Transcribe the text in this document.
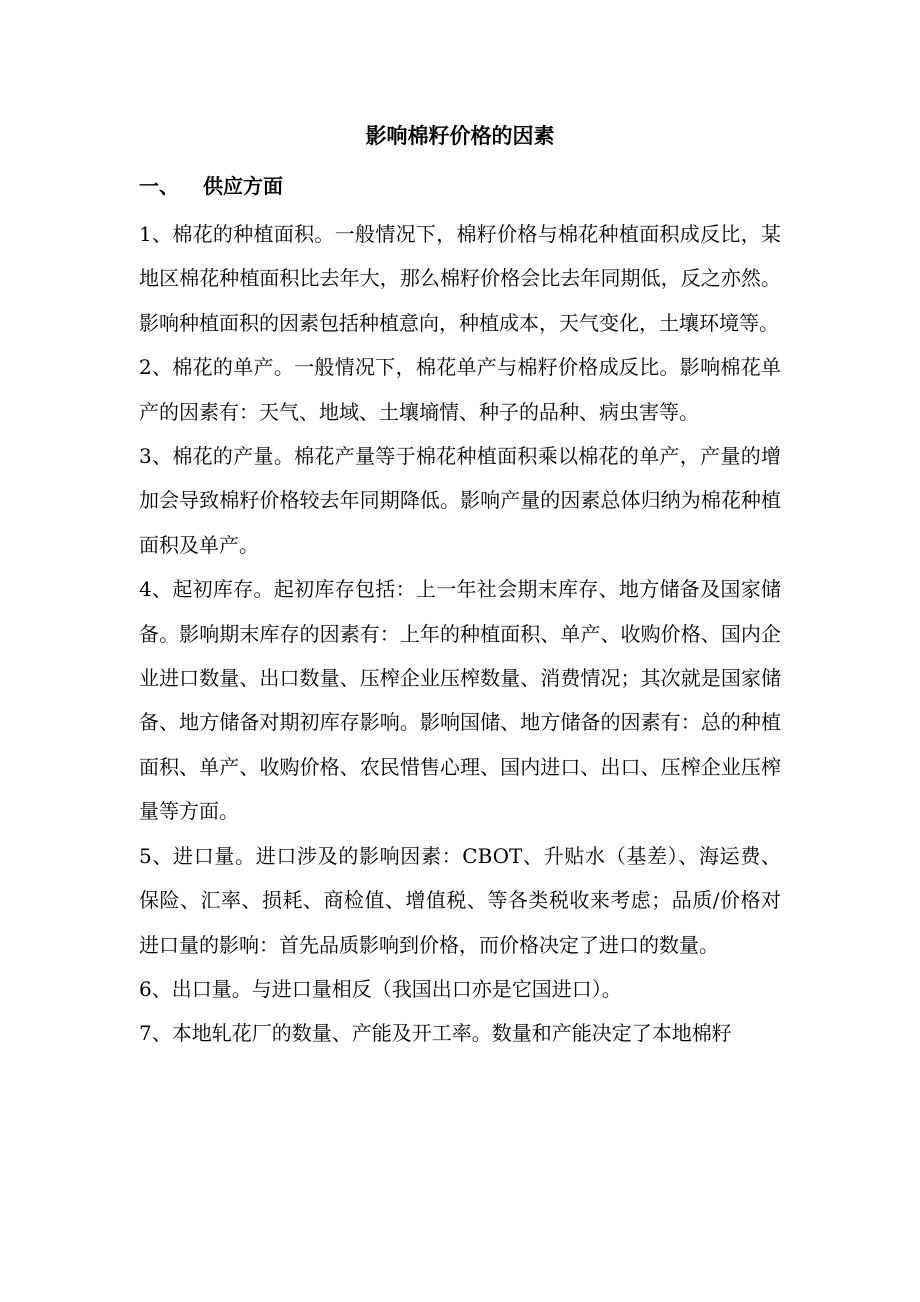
影响棉籽价格的因素
一、 供应方面

1、棉花的种植面积。一般情况下，棉籽价格与棉花种植面积成反比，某地区棉花种植面积比去年大，那么棉籽价格会比去年同期低，反之亦然。影响种植面积的因素包括种植意向，种植成本，天气变化，土壤环境等。

2、棉花的单产。一般情况下，棉花单产与棉籽价格成反比。影响棉花单产的因素有：天气、地域、土壤墒情、种子的品种、病虫害等。

3、棉花的产量。棉花产量等于棉花种植面积乘以棉花的单产，产量的增加会导致棉籽价格较去年同期降低。影响产量的因素总体归纳为棉花种植面积及单产。

4、起初库存。起初库存包括：上一年社会期末库存、地方储备及国家储备。影响期末库存的因素有：上年的种植面积、单产、收购价格、国内企业进口数量、出口数量、压榨企业压榨数量、消费情况；其次就是国家储备、地方储备对期初库存影响。影响国储、地方储备的因素有：总的种植面积、单产、收购价格、农民惜售心理、国内进口、出口、压榨企业压榨量等方面。

5、进口量。进口涉及的影响因素：CBOT、升贴水（基差）、海运费、保险、汇率、损耗、商检值、增值税、等各类税收来考虑；品质/价格对进口量的影响：首先品质影响到价格，而价格决定了进口的数量。

6、出口量。与进口量相反（我国出口亦是它国进口）。

7、本地轧花厂的数量、产能及开工率。数量和产能决定了本地棉籽
